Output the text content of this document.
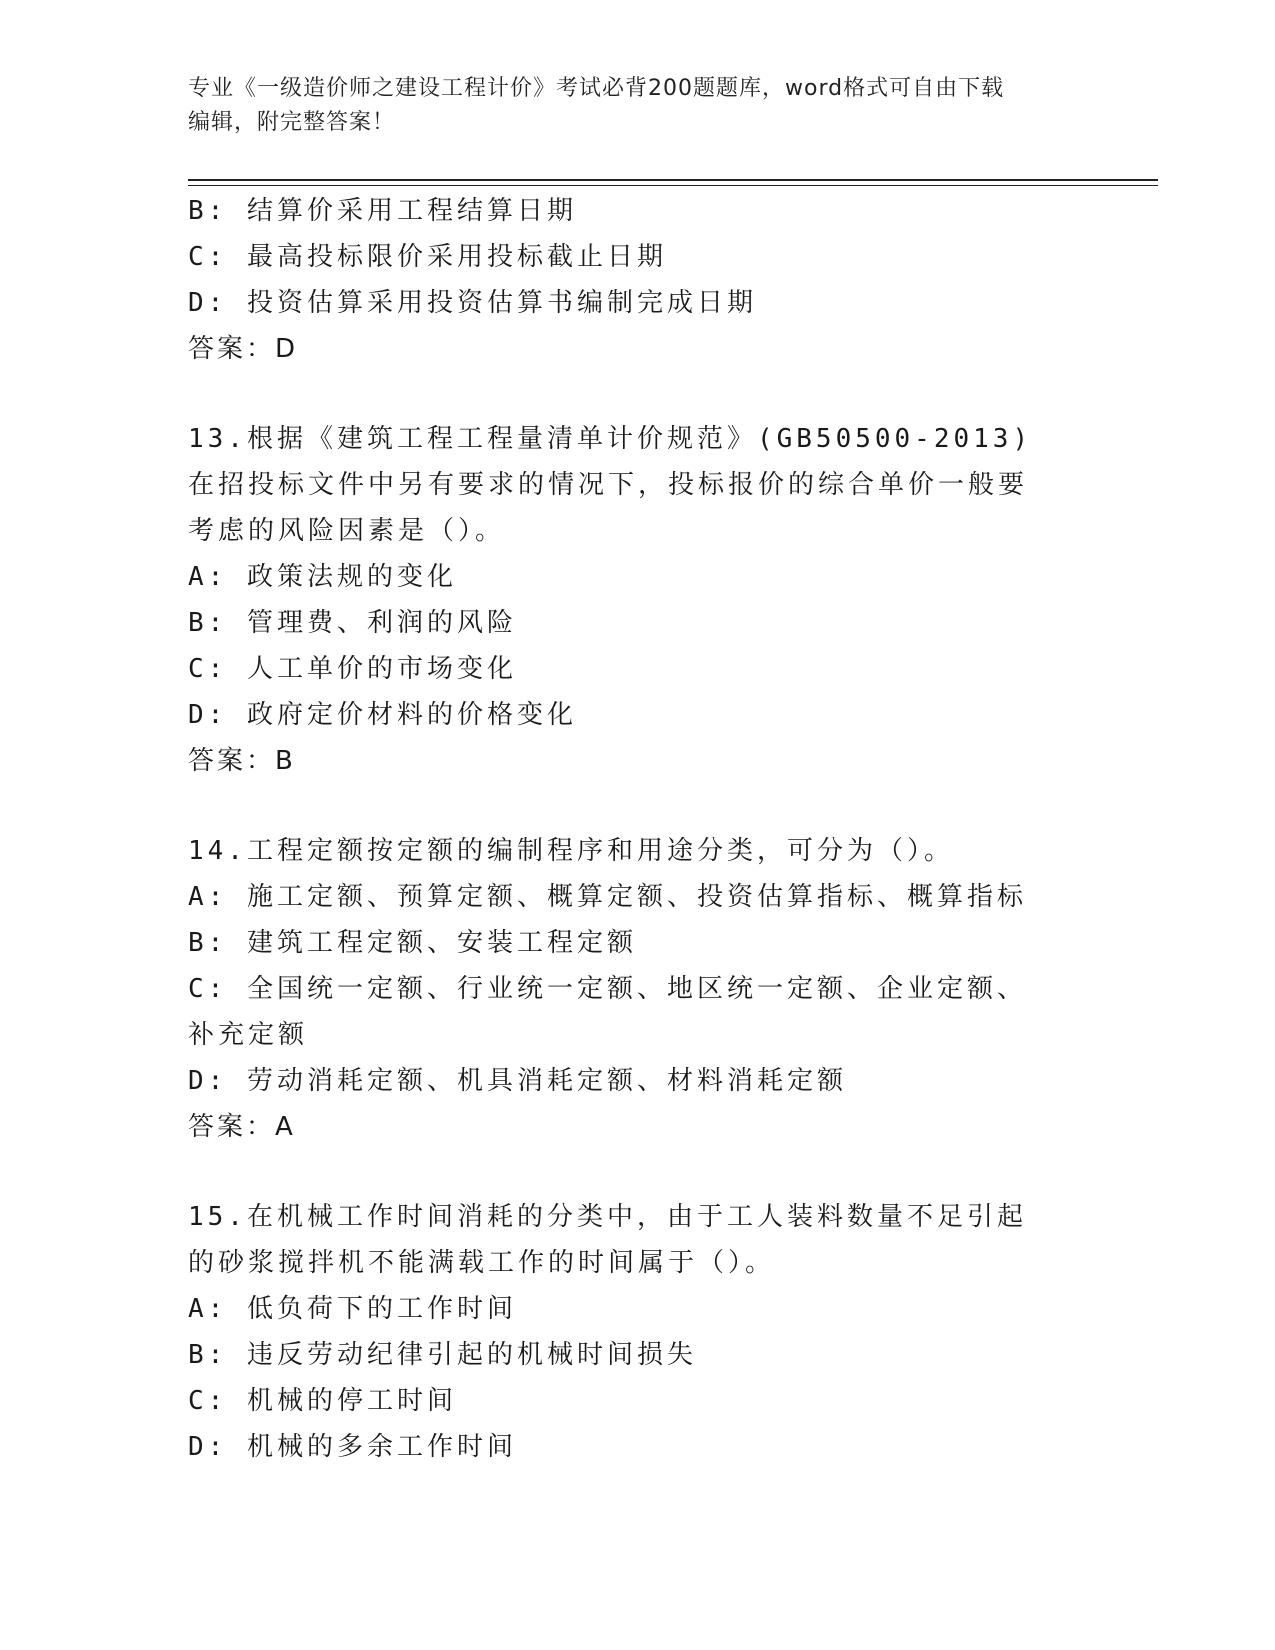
专业《一级造价师之建设工程计价》考试必背200题题库，word格式可自由下载
编辑，附完整答案！
B: 结算价采用工程结算日期
C: 最高投标限价采用投标截止日期
D: 投资估算采用投资估算书编制完成日期
答案：D
13.根据《建筑工程工程量清单计价规范》(GB50500-2013)在招投标文件中另有要求的情况下，投标报价的综合单价一般要考虑的风险因素是（）。
A: 政策法规的变化
B: 管理费、利润的风险
C: 人工单价的市场变化
D: 政府定价材料的价格变化
答案：B
14.工程定额按定额的编制程序和用途分类，可分为（）。
A: 施工定额、预算定额、概算定额、投资估算指标、概算指标
B: 建筑工程定额、安装工程定额
C: 全国统一定额、行业统一定额、地区统一定额、企业定额、补充定额
D: 劳动消耗定额、机具消耗定额、材料消耗定额
答案：A
15.在机械工作时间消耗的分类中，由于工人装料数量不足引起的砂浆搅拌机不能满载工作的时间属于（）。
A: 低负荷下的工作时间
B: 违反劳动纪律引起的机械时间损失
C: 机械的停工时间
D: 机械的多余工作时间
